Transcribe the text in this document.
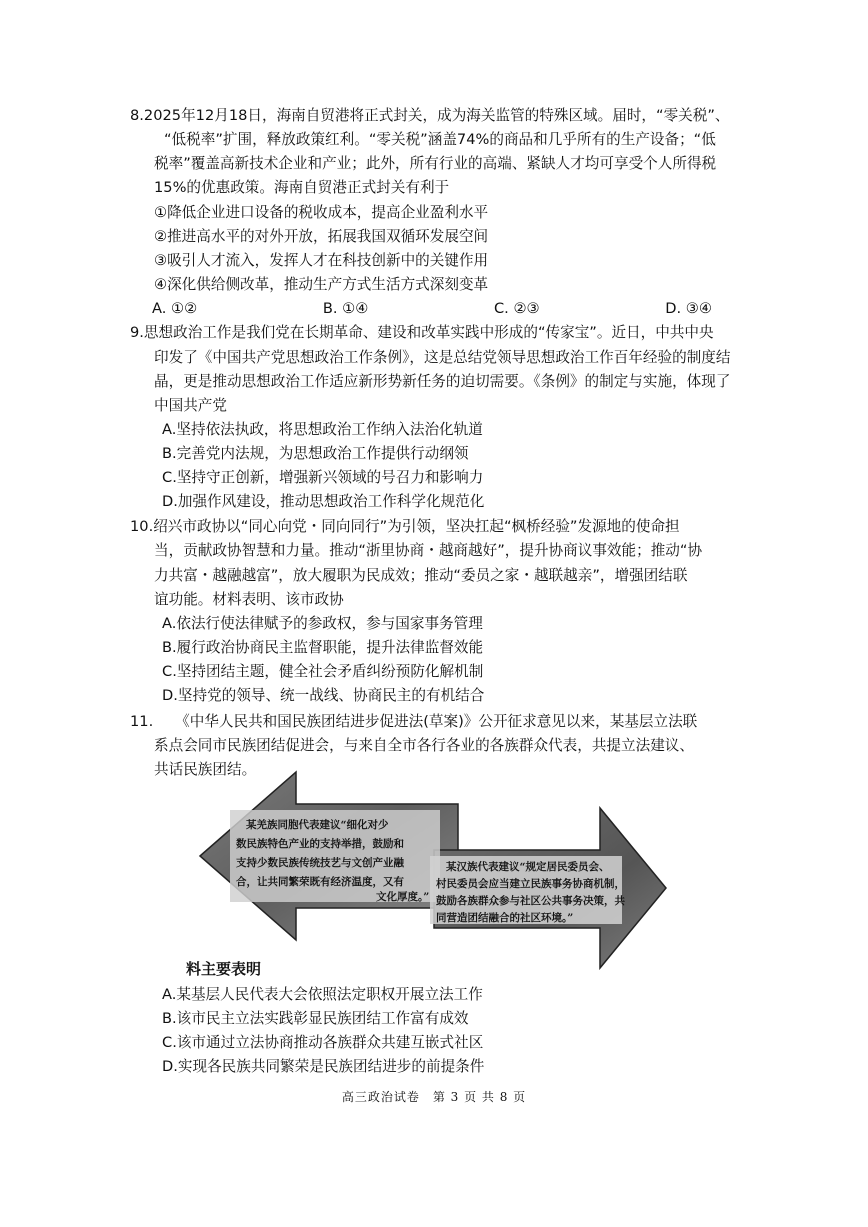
8.2025年12月18日，海南自贸港将正式封关，成为海关监管的特殊区域。届时，“零关税”、
“低税率”扩围，释放政策红利。“零关税”涵盖74%的商品和几乎所有的生产设备；“低
税率”覆盖高新技术企业和产业；此外，所有行业的高端、紧缺人才均可享受个人所得税
15%的优惠政策。海南自贸港正式封关有利于
①降低企业进口设备的税收成本，提高企业盈利水平
②推进高水平的对外开放，拓展我国双循环发展空间
③吸引人才流入，发挥人才在科技创新中的关键作用
④深化供给侧改革，推动生产方式生活方式深刻变革
A. ①②	B. ①④	C. ②③	D. ③④
9.思想政治工作是我们党在长期革命、建设和改革实践中形成的“传家宝”。近日，中共中央
印发了《中国共产党思想政治工作条例》，这是总结党领导思想政治工作百年经验的制度结
晶，更是推动思想政治工作适应新形势新任务的迫切需要。《条例》的制定与实施，体现了
中国共产党
A.坚持依法执政，将思想政治工作纳入法治化轨道
B.完善党内法规，为思想政治工作提供行动纲领
C.坚持守正创新，增强新兴领域的号召力和影响力
D.加强作风建设，推动思想政治工作科学化规范化
10.绍兴市政协以“同心向党・同向同行”为引领，坚决扛起“枫桥经验”发源地的使命担
当，贡献政协智慧和力量。推动“浙里协商・越商越好”，提升协商议事效能；推动“协
力共富・越融越富”，放大履职为民成效；推动“委员之家・越联越亲”，增强团结联
谊功能。材料表明、该市政协
A.依法行使法律赋予的参政权，参与国家事务管理
B.履行政治协商民主监督职能，提升法律监督效能
C.坚持团结主题，健全社会矛盾纠纷预防化解机制
D.坚持党的领导、统一战线、协商民主的有机结合
11.　　《中华人民共和国民族团结进步促进法(草案)》公开征求意见以来，某基层立法联
系点会同市民族团结促进会，与来自全市各行各业的各族群众代表，共提立法建议、
共话民族团结。
某羌族同胞代表建议“细化对少
数民族特色产业的支持举措，鼓励和
支持少数民族传统技艺与文创产业融
合，让共同繁荣既有经济温度，又有
文化厚度。”
某汉族代表建议“规定居民委员会、
村民委员会应当建立民族事务协商机制，
鼓励各族群众参与社区公共事务决策，共
同营造团结融合的社区环境。”
料主要表明
A.某基层人民代表大会依照法定职权开展立法工作
B.该市民主立法实践彰显民族团结工作富有成效
C.该市通过立法协商推动各族群众共建互嵌式社区
D.实现各民族共同繁荣是民族团结进步的前提条件
高三政治试卷　第 3 页 共 8 页
